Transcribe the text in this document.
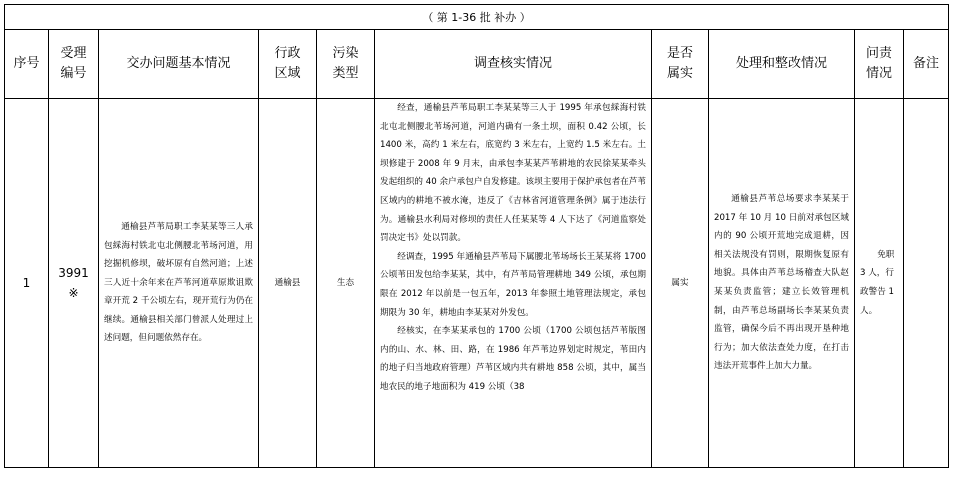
（ 第 1-36 批 补办 ）									
序号	受理编号	交办问题基本情况	行政区域	污染类型	调查核实情况	是否属实	处理和整改情况	问责情况	备注
1	3991※	通榆县芦苇局职工李某某等三人承包綵海村铁北屯北侧腰北苇场河道，用挖掘机修坝，破坏原有自然河道；上述三人近十余年来在芦苇河道草原欺诅欺章开荒 2 千公顷左右，现开荒行为仍在继续。通榆县相关部门曾派人处理过上述问题，但问题依然存在。	通榆县	生态	经查，通榆县芦苇局职工李某某等三人于 1995 年承包綵海村铁北屯北侧腰北苇场河道，河道内确有一条土坝，面积 0.42 公顷，长 1400 米，高约 1 米左右，底宽约 3 米左右，上宽约 1.5 米左右。土坝修建于 2008 年 9 月末，由承包李某某芦苇耕地的农民徐某某牵头发起组织的 40 余户承包户自发修建。该坝主要用于保护承包者在芦苇区域内的耕地不被水淹，违反了《吉林省河道管理条例》属于违法行为。通榆县水利局对修坝的责任人任某某等 4 人下达了《河道监察处罚决定书》处以罚款。

经调查，1995 年通榆县芦苇局下属腰北苇场场长王某某将 1700 公顷苇田发包给李某某，其中，有芦苇局管理耕地 349 公顷，承包期限在 2012 年以前是一包五年，2013 年参照土地管理法规定，承包期限为 30 年，耕地由李某某对外发包。

经核实，在李某某承包的 1700 公顷（1700 公顷包括芦苇版图内的山、水、林、田、路，在 1986 年芦苇边界划定时规定，苇田内的地子归当地政府管理）芦苇区域内共有耕地 858 公顷，其中，属当地农民的地子地面积为 419 公顷（38	属实	通榆县芦苇总场要求李某某于 2017 年 10 月 10 日前对承包区域内的 90 公顷开荒地完成退耕，因相关法规没有罚则，限期恢复原有地貌。具体由芦苇总场稽查大队赵某某负责监管；建立长效管理机制，由芦苇总场副场长李某某负责监管，确保今后不再出现开垦种地行为；加大依法查处力度，在打击违法开荒事件上加大力量。	免职 3 人，行政警告 1 人。	
